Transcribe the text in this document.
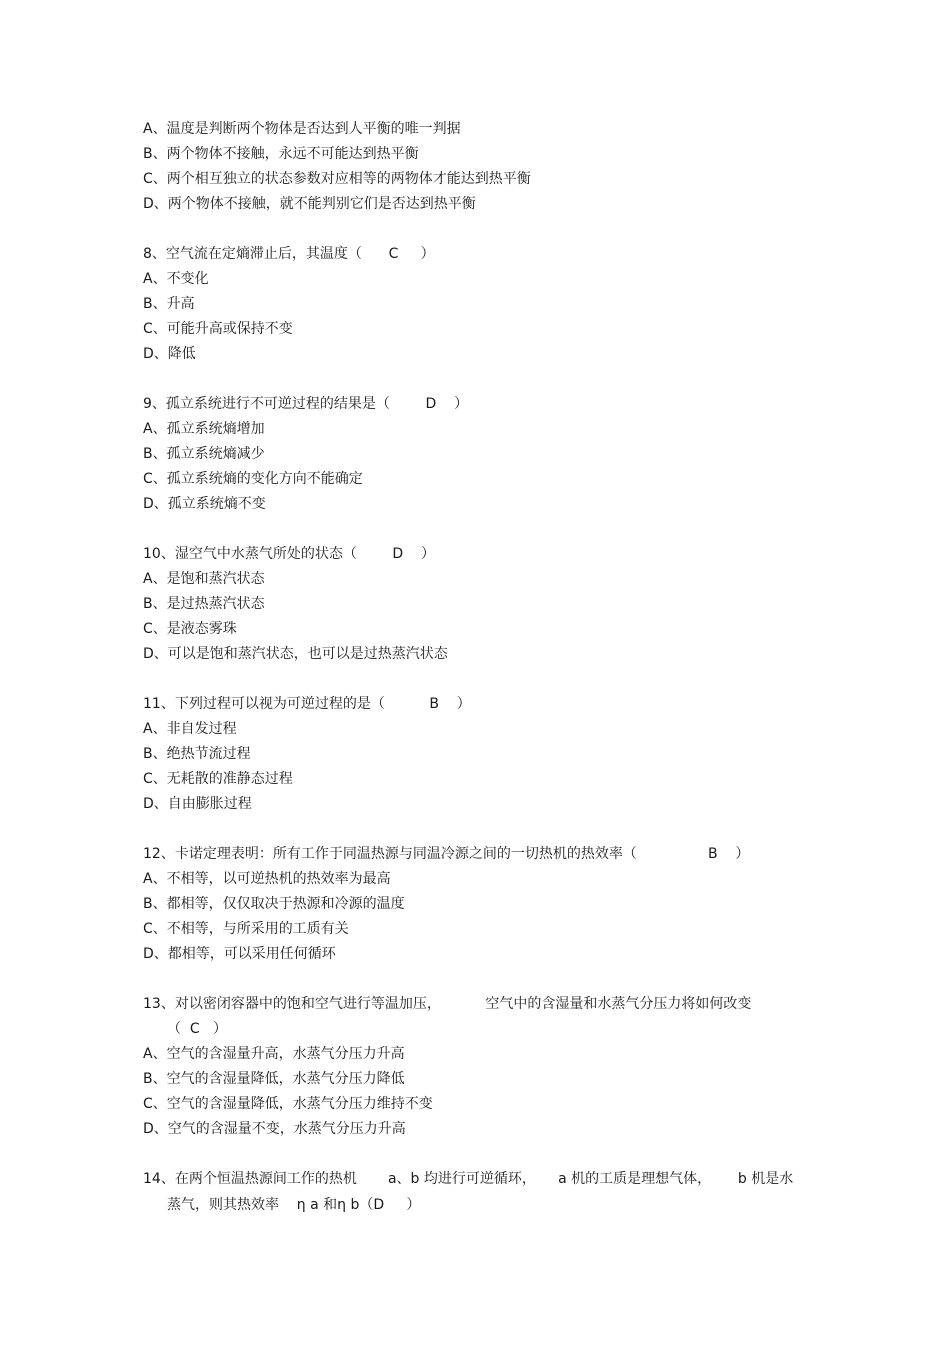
A、温度是判断两个物体是否达到人平衡的唯一判据
B、两个物体不接触，永远不可能达到热平衡
C、两个相互独立的状态参数对应相等的两物体才能达到热平衡
D、两个物体不接触，就不能判别它们是否达到热平衡
8、空气流在定熵滞止后，其温度（      C     ）
A、不变化
B、升高
C、可能升高或保持不变
D、降低
9、孤立系统进行不可逆过程的结果是（        D    ）
A、孤立系统熵增加
B、孤立系统熵减少
C、孤立系统熵的变化方向不能确定
D、孤立系统熵不变
10、湿空气中水蒸气所处的状态（        D    ）
A、是饱和蒸汽状态
B、是过热蒸汽状态
C、是液态雾珠
D、可以是饱和蒸汽状态，也可以是过热蒸汽状态
11、下列过程可以视为可逆过程的是（          B    ）
A、非自发过程
B、绝热节流过程
C、无耗散的准静态过程
D、自由膨胀过程
12、卡诺定理表明：所有工作于同温热源与同温冷源之间的一切热机的热效率（                B    ）
A、不相等，以可逆热机的热效率为最高
B、都相等，仅仅取决于热源和冷源的温度
C、不相等，与所采用的工质有关
D、都相等，可以采用任何循环
13、对以密闭容器中的饱和空气进行等温加压，          空气中的含湿量和水蒸气分压力将如何改变
（  C   ）
A、空气的含湿量升高，水蒸气分压力升高
B、空气的含湿量降低，水蒸气分压力降低
C、空气的含湿量降低，水蒸气分压力维持不变
D、空气的含湿量不变，水蒸气分压力升高
14、在两个恒温热源间工作的热机       a、b 均进行可逆循环，     a 机的工质是理想气体，      b 机是水
蒸气，则其热效率    η a 和η b（D     ）
